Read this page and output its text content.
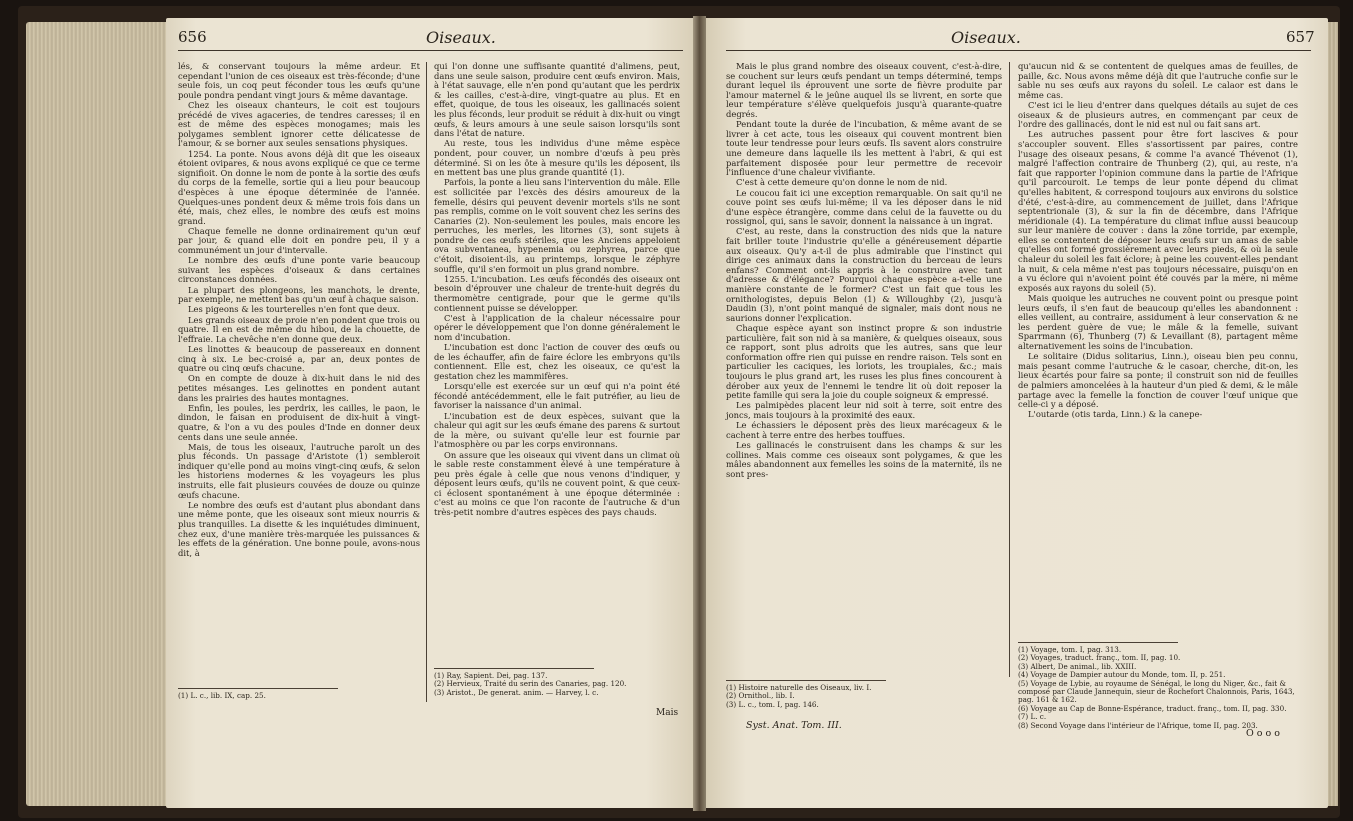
656	Oiseaux.

lés, & conservant toujours la même ardeur. Et cependant l'union de ces oiseaux est très-féconde; d'une seule fois, un coq peut féconder tous les œufs qu'une poule pondra pendant vingt jours & même davantage.

Chez les oiseaux chanteurs, le coit est toujours précédé de vives agaceries, de tendres caresses; il en est de même des espèces monogames; mais les polygames semblent ignorer cette délicatesse de l'amour, & se borner aux seules sensations physiques.

1254. La ponte. Nous avons déjà dit que les oiseaux étoient ovipares, & nous avons expliqué ce que ce terme signifioit. On donne le nom de ponte à la sortie des œufs du corps de la femelle, sortie qui a lieu pour beaucoup d'espèces à une époque déterminée de l'année. Quelques-unes pondent deux & même trois fois dans un été, mais, chez elles, le nombre des œufs est moins grand.

Chaque femelle ne donne ordinairement qu'un œuf par jour, & quand elle doit en pondre peu, il y a communément un jour d'intervalle.

Le nombre des œufs d'une ponte varie beaucoup suivant les espèces d'oiseaux & dans certaines circonstances données.

La plupart des plongeons, les manchots, le drente, par exemple, ne mettent bas qu'un œuf à chaque saison.

Les pigeons & les tourterelles n'en font que deux.

Les grands oiseaux de proie n'en pondent que trois ou quatre. Il en est de même du hibou, de la chouette, de l'effraie. La chevêche n'en donne que deux.

Les linottes & beaucoup de passereaux en donnent cinq à six. Le bec-croisé a, par an, deux pontes de quatre ou cinq œufs chacune.

On en compte de douze à dix-huit dans le nid des petites mésanges. Les gelinottes en pondent autant dans les prairies des hautes montagnes.

Enfin, les poules, les perdrix, les cailles, le paon, le dindon, le faisan en produisent de dix-huit à vingt-quatre, & l'on a vu des poules d'Inde en donner deux cents dans une seule année.

Mais, de tous les oiseaux, l'autruche paroît un des plus féconds. Un passage d'Aristote (1) sembleroit indiquer qu'elle pond au moins vingt-cinq œufs, & selon les historiens modernes & les voyageurs les plus instruits, elle fait plusieurs couvées de douze ou quinze œufs chacune.

Le nombre des œufs est d'autant plus abondant dans une même ponte, que les oiseaux sont mieux nourris & plus tranquilles. La disette & les inquiétudes diminuent, chez eux, d'une manière très-marquée les puissances & les effets de la génération. Une bonne poule, avons-nous dit, à

qui l'on donne une suffisante quantité d'alimens, peut, dans une seule saison, produire cent œufs environ. Mais, à l'état sauvage, elle n'en pond qu'autant que les perdrix & les cailles, c'est-à-dire, vingt-quatre au plus. Et en effet, quoique, de tous les oiseaux, les gallinacés soient les plus féconds, leur produit se réduit à dix-huit ou vingt œufs, & leurs amours à une seule saison lorsqu'ils sont dans l'état de nature.

Au reste, tous les individus d'une même espèce pondent, pour couver, un nombre d'œufs à peu près déterminé. Si on les ôte à mesure qu'ils les déposent, ils en mettent bas une plus grande quantité (1).

Parfois, la ponte a lieu sans l'intervention du mâle. Elle est sollicitée par l'excès des désirs amoureux de la femelle, désirs qui peuvent devenir mortels s'ils ne sont pas remplis, comme on le voit souvent chez les serins des Canaries (2). Non-seulement les poules, mais encore les perruches, les merles, les litornes (3), sont sujets à pondre de ces œufs stériles, que les Anciens appeloient ova subventanea, hypenemia ou zephyrea, parce que c'étoit, disoient-ils, au printemps, lorsque le zéphyre souffle, qu'il s'en formoit un plus grand nombre.

1255. L'incubation. Les œufs fécondés des oiseaux ont besoin d'éprouver une chaleur de trente-huit degrés du thermomètre centigrade, pour que le germe qu'ils contiennent puisse se développer.

C'est à l'application de la chaleur nécessaire pour opérer le développement que l'on donne généralement le nom d'incubation.

L'incubation est donc l'action de couver des œufs ou de les échauffer, afin de faire éclore les embryons qu'ils contiennent. Elle est, chez les oiseaux, ce qu'est la gestation chez les mammifères.

Lorsqu'elle est exercée sur un œuf qui n'a point été fécondé antécédemment, elle le fait putréfier, au lieu de favoriser la naissance d'un animal.

L'incubation est de deux espèces, suivant que la chaleur qui agit sur les œufs émane des parens & surtout de la mère, ou suivant qu'elle leur est fournie par l'atmosphère ou par les corps environnans.

On assure que les oiseaux qui vivent dans un climat où le sable reste constamment élevé à une température à peu près égale à celle que nous venons d'indiquer, y déposent leurs œufs, qu'ils ne couvent point, & que ceux-ci éclosent spontanément à une époque déterminée : c'est au moins ce que l'on raconte de l'autruche & d'un très-petit nombre d'autres espèces des pays chauds.

(1) L. c., lib. IX, cap. 25.
(1) Ray, Sapient. Dei, pag. 137.
(2) Hervieux, Traité du serin des Canaries, pag. 120.
(3) Aristot., De generat. anim. — Harvey, l. c.
Mais
Oiseaux.	657

Mais le plus grand nombre des oiseaux couvent, c'est-à-dire, se couchent sur leurs œufs pendant un temps déterminé, temps durant lequel ils éprouvent une sorte de fièvre produite par l'amour maternel & le jeûne auquel ils se livrent, en sorte que leur température s'élève quelquefois jusqu'à quarante-quatre degrés.

Pendant toute la durée de l'incubation, & même avant de se livrer à cet acte, tous les oiseaux qui couvent montrent bien toute leur tendresse pour leurs œufs. Ils savent alors construire une demeure dans laquelle ils les mettent à l'abri, & qui est parfaitement disposée pour leur permettre de recevoir l'influence d'une chaleur vivifiante.

C'est à cette demeure qu'on donne le nom de nid.

Le coucou fait ici une exception remarquable. On sait qu'il ne couve point ses œufs lui-même; il va les déposer dans le nid d'une espèce étrangère, comme dans celui de la fauvette ou du rossignol, qui, sans le savoir, donnent la naissance à un ingrat.

C'est, au reste, dans la construction des nids que la nature fait briller toute l'industrie qu'elle a généreusement départie aux oiseaux. Qu'y a-t-il de plus admirable que l'instinct qui dirige ces animaux dans la construction du berceau de leurs enfans? Comment ont-ils appris à le construire avec tant d'adresse & d'élégance? Pourquoi chaque espèce a-t-elle une manière constante de le former? C'est un fait que tous les ornithologistes, depuis Belon (1) & Willoughby (2), jusqu'à Daudin (3), n'ont point manqué de signaler, mais dont nous ne saurions donner l'explication.

Chaque espèce ayant son instinct propre & son industrie particulière, fait son nid à sa manière, & quelques oiseaux, sous ce rapport, sont plus adroits que les autres, sans que leur conformation offre rien qui puisse en rendre raison. Tels sont en particulier les caciques, les loriots, les troupiales, &c.; mais toujours le plus grand art, les ruses les plus fines concourent à dérober aux yeux de l'ennemi le tendre lit où doit reposer la petite famille qui sera la joie du couple soigneux & empressé.

Les palmipèdes placent leur nid soit à terre, soit entre des joncs, mais toujours à la proximité des eaux.

Le échassiers le déposent près des lieux marécageux & le cachent à terre entre des herbes touffues.

Les gallinacés le construisent dans les champs & sur les collines. Mais comme ces oiseaux sont polygames, & que les mâles abandonnent aux femelles les soins de la maternité, ils ne sont pres-

qu'aucun nid & se contentent de quelques amas de feuilles, de paille, &c. Nous avons même déjà dit que l'autruche confie sur le sable nu ses œufs aux rayons du soleil. Le calaor est dans le même cas.

C'est ici le lieu d'entrer dans quelques détails au sujet de ces oiseaux & de plusieurs autres, en commençant par ceux de l'ordre des gallinacés, dont le nid est nul ou fait sans art.

Les autruches passent pour être fort lascives & pour s'accoupler souvent. Elles s'assortissent par paires, contre l'usage des oiseaux pesans, & comme l'a avancé Thévenot (1), malgré l'affection contraire de Thunberg (2), qui, au reste, n'a fait que rapporter l'opinion commune dans la partie de l'Afrique qu'il parcouroit. Le temps de leur ponte dépend du climat qu'elles habitent, & correspond toujours aux environs du solstice d'été, c'est-à-dire, au commencement de juillet, dans l'Afrique septentrionale (3), & sur la fin de décembre, dans l'Afrique méridionale (4). La température du climat influe aussi beaucoup sur leur manière de couver : dans la zône torride, par exemple, elles se contentent de déposer leurs œufs sur un amas de sable qu'elles ont formé grossièrement avec leurs pieds, & où la seule chaleur du soleil les fait éclore; à peine les couvent-elles pendant la nuit, & cela même n'est pas toujours nécessaire, puisqu'on en a vu éclore qui n'avoient point été couvés par la mère, ni même exposés aux rayons du soleil (5).

Mais quoique les autruches ne couvent point ou presque point leurs œufs, il s'en faut de beaucoup qu'elles les abandonnent : elles veillent, au contraire, assidument à leur conservation & ne les perdent guère de vue; le mâle & la femelle, suivant Sparrmann (6), Thunberg (7) & Levaillant (8), partagent même alternativement les soins de l'incubation.

Le solitaire (Didus solitarius, Linn.), oiseau bien peu connu, mais pesant comme l'autruche & le casoar, cherche, dit-on, les lieux écartés pour faire sa ponte; il construit son nid de feuilles de palmiers amoncelées à la hauteur d'un pied & demi, & le mâle partage avec la femelle la fonction de couver l'œuf unique que celle-ci y a déposé.

L'outarde (otis tarda, Linn.) & la canepe-

(1) Histoire naturelle des Oiseaux, liv. I.
(2) Ornithol., lib. I.
(3) L. c., tom. I, pag. 146.
(1) Voyage, tom. I, pag. 313.
(2) Voyages, traduct. franç., tom. II, pag. 10.
(3) Albert, De animal., lib. XXIII.
(4) Voyage de Dampier autour du Monde, tom. II, p. 251.
(5) Voyage de Lybie, au royaume de Sénégal, le long du Niger, &c., fait & composé par Claude Jannequin, sieur de Rochefort Chalonnois, Paris, 1643, pag. 161 & 162.
(6) Voyage au Cap de Bonne-Espérance, traduct. franç., tom. II, pag. 330.
(7) L. c.
(8) Second Voyage dans l'intérieur de l'Afrique, tome II, pag. 203.
Syst. Anat. Tom. III.
O o o o
